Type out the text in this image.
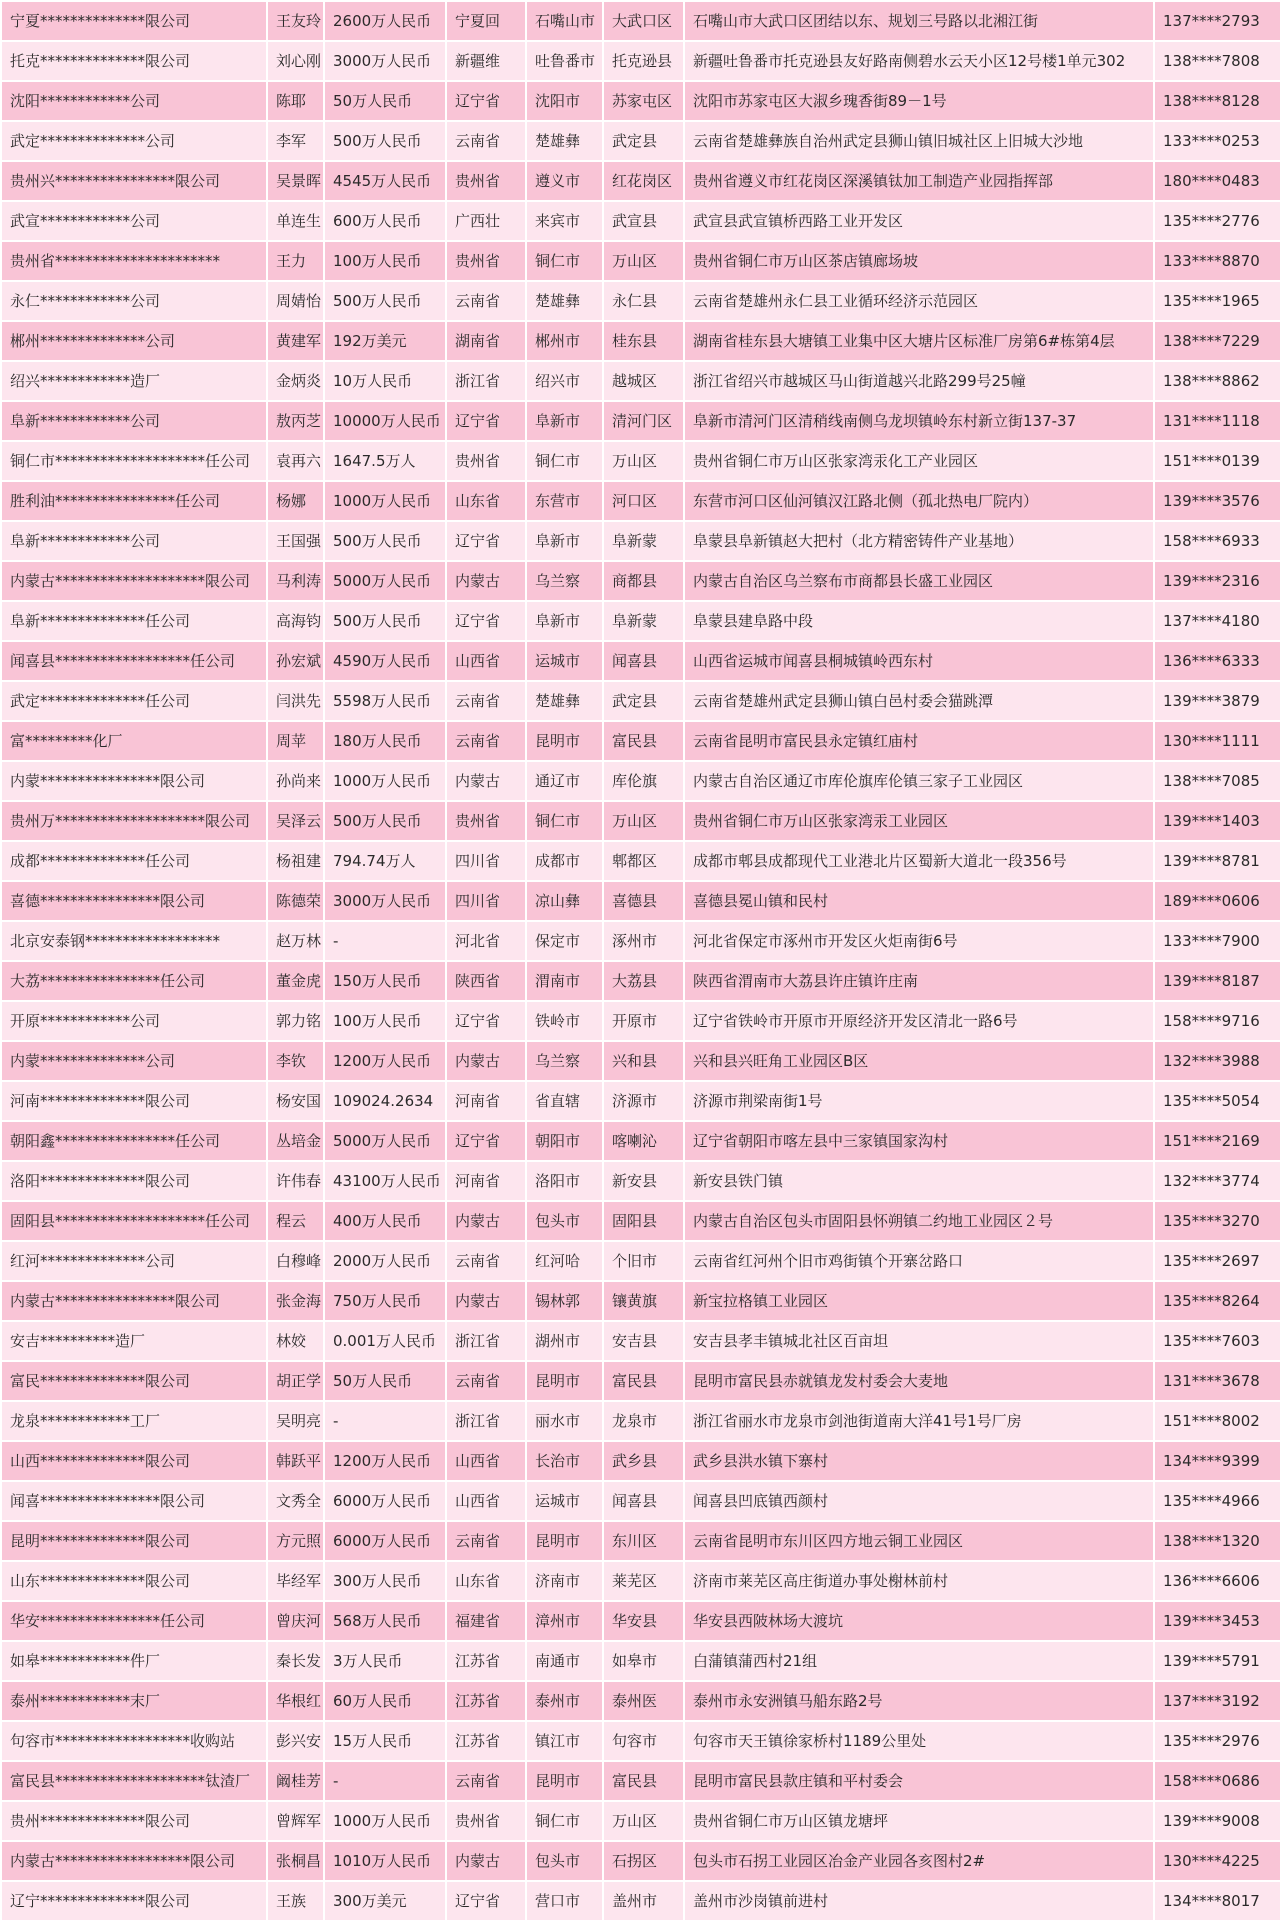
宁夏**************限公司	王友玲	2600万人民币	宁夏回	石嘴山市	大武口区	石嘴山市大武口区团结以东、规划三号路以北湘江街	137****2793
托克**************限公司	刘心刚	3000万人民币	新疆维	吐鲁番市	托克逊县	新疆吐鲁番市托克逊县友好路南侧碧水云天小区12号楼1单元302	138****7808
沈阳************公司	陈耶	50万人民币	辽宁省	沈阳市	苏家屯区	沈阳市苏家屯区大淑乡瑰香街89－1号	138****8128
武定**************公司	李军	500万人民币	云南省	楚雄彝	武定县	云南省楚雄彝族自治州武定县狮山镇旧城社区上旧城大沙地	133****0253
贵州兴****************限公司	吴景晖	4545万人民币	贵州省	遵义市	红花岗区	贵州省遵义市红花岗区深溪镇钛加工制造产业园指挥部	180****0483
武宣************公司	单连生	600万人民币	广西壮	来宾市	武宣县	武宣县武宣镇桥西路工业开发区	135****2776
贵州省**********************	王力	100万人民币	贵州省	铜仁市	万山区	贵州省铜仁市万山区茶店镇廊场坡	133****8870
永仁************公司	周婧怡	500万人民币	云南省	楚雄彝	永仁县	云南省楚雄州永仁县工业循环经济示范园区	135****1965
郴州**************公司	黄建军	192万美元	湖南省	郴州市	桂东县	湖南省桂东县大塘镇工业集中区大塘片区标准厂房第6#栋第4层	138****7229
绍兴************造厂	金炳炎	10万人民币	浙江省	绍兴市	越城区	浙江省绍兴市越城区马山街道越兴北路299号25幢	138****8862
阜新************公司	敖丙芝	10000万人民币	辽宁省	阜新市	清河门区	阜新市清河门区清稍线南侧乌龙坝镇岭东村新立街137-37	131****1118
铜仁市********************任公司	袁再六	1647.5万人	贵州省	铜仁市	万山区	贵州省铜仁市万山区张家湾汞化工产业园区	151****0139
胜利油****************任公司	杨娜	1000万人民币	山东省	东营市	河口区	东营市河口区仙河镇汉江路北侧（孤北热电厂院内）	139****3576
阜新************公司	王国强	500万人民币	辽宁省	阜新市	阜新蒙	阜蒙县阜新镇赵大把村（北方精密铸件产业基地）	158****6933
内蒙古********************限公司	马利涛	5000万人民币	内蒙古	乌兰察	商都县	内蒙古自治区乌兰察布市商都县长盛工业园区	139****2316
阜新**************任公司	高海钧	500万人民币	辽宁省	阜新市	阜新蒙	阜蒙县建阜路中段	137****4180
闻喜县******************任公司	孙宏斌	4590万人民币	山西省	运城市	闻喜县	山西省运城市闻喜县桐城镇岭西东村	136****6333
武定**************任公司	闫洪先	5598万人民币	云南省	楚雄彝	武定县	云南省楚雄州武定县狮山镇白邑村委会猫跳潭	139****3879
富*********化厂	周苹	180万人民币	云南省	昆明市	富民县	云南省昆明市富民县永定镇红庙村	130****1111
内蒙****************限公司	孙尚来	1000万人民币	内蒙古	通辽市	库伦旗	内蒙古自治区通辽市库伦旗库伦镇三家子工业园区	138****7085
贵州万********************限公司	吴泽云	500万人民币	贵州省	铜仁市	万山区	贵州省铜仁市万山区张家湾汞工业园区	139****1403
成都**************任公司	杨祖建	794.74万人	四川省	成都市	郫都区	成都市郫县成都现代工业港北片区蜀新大道北一段356号	139****8781
喜德****************限公司	陈德荣	3000万人民币	四川省	凉山彝	喜德县	喜德县冕山镇和民村	189****0606
北京安泰钢******************	赵万林	-	河北省	保定市	涿州市	河北省保定市涿州市开发区火炬南街6号	133****7900
大荔****************任公司	董金虎	150万人民币	陕西省	渭南市	大荔县	陕西省渭南市大荔县许庄镇许庄南	139****8187
开原************公司	郭力铭	100万人民币	辽宁省	铁岭市	开原市	辽宁省铁岭市开原市开原经济开发区清北一路6号	158****9716
内蒙**************公司	李钦	1200万人民币	内蒙古	乌兰察	兴和县	兴和县兴旺角工业园区B区	132****3988
河南**************限公司	杨安国	109024.2634	河南省	省直辖	济源市	济源市荆梁南街1号	135****5054
朝阳鑫****************任公司	丛培金	5000万人民币	辽宁省	朝阳市	喀喇沁	辽宁省朝阳市喀左县中三家镇国家沟村	151****2169
洛阳**************限公司	许伟春	43100万人民币	河南省	洛阳市	新安县	新安县铁门镇	132****3774
固阳县********************任公司	程云	400万人民币	内蒙古	包头市	固阳县	内蒙古自治区包头市固阳县怀朔镇二约地工业园区２号	135****3270
红河**************公司	白穆峰	2000万人民币	云南省	红河哈	个旧市	云南省红河州个旧市鸡街镇个开寨岔路口	135****2697
内蒙古****************限公司	张金海	750万人民币	内蒙古	锡林郭	镶黄旗	新宝拉格镇工业园区	135****8264
安吉**********造厂	林姣	0.001万人民币	浙江省	湖州市	安吉县	安吉县孝丰镇城北社区百亩坦	135****7603
富民**************限公司	胡正学	50万人民币	云南省	昆明市	富民县	昆明市富民县赤就镇龙发村委会大麦地	131****3678
龙泉************工厂	吴明亮	-	浙江省	丽水市	龙泉市	浙江省丽水市龙泉市剑池街道南大洋41号1号厂房	151****8002
山西**************限公司	韩跃平	1200万人民币	山西省	长治市	武乡县	武乡县洪水镇下寨村	134****9399
闻喜****************限公司	文秀全	6000万人民币	山西省	运城市	闻喜县	闻喜县凹底镇西颜村	135****4966
昆明**************限公司	方元照	6000万人民币	云南省	昆明市	东川区	云南省昆明市东川区四方地云铜工业园区	138****1320
山东**************限公司	毕经军	300万人民币	山东省	济南市	莱芜区	济南市莱芜区高庄街道办事处榭林前村	136****6606
华安****************任公司	曾庆河	568万人民币	福建省	漳州市	华安县	华安县西陂林场大渡坑	139****3453
如皋************件厂	秦长发	3万人民币	江苏省	南通市	如皋市	白蒲镇蒲西村21组	139****5791
泰州************末厂	华根红	60万人民币	江苏省	泰州市	泰州医	泰州市永安洲镇马船东路2号	137****3192
句容市******************收购站	彭兴安	15万人民币	江苏省	镇江市	句容市	句容市天王镇徐家桥村1189公里处	135****2976
富民县********************钛渣厂	阚桂芳	-	云南省	昆明市	富民县	昆明市富民县款庄镇和平村委会	158****0686
贵州**************限公司	曾辉军	1000万人民币	贵州省	铜仁市	万山区	贵州省铜仁市万山区镇龙塘坪	139****9008
内蒙古******************限公司	张桐昌	1010万人民币	内蒙古	包头市	石拐区	包头市石拐工业园区冶金产业园各亥图村2#	130****4225
辽宁**************限公司	王族	300万美元	辽宁省	营口市	盖州市	盖州市沙岗镇前进村	134****8017
